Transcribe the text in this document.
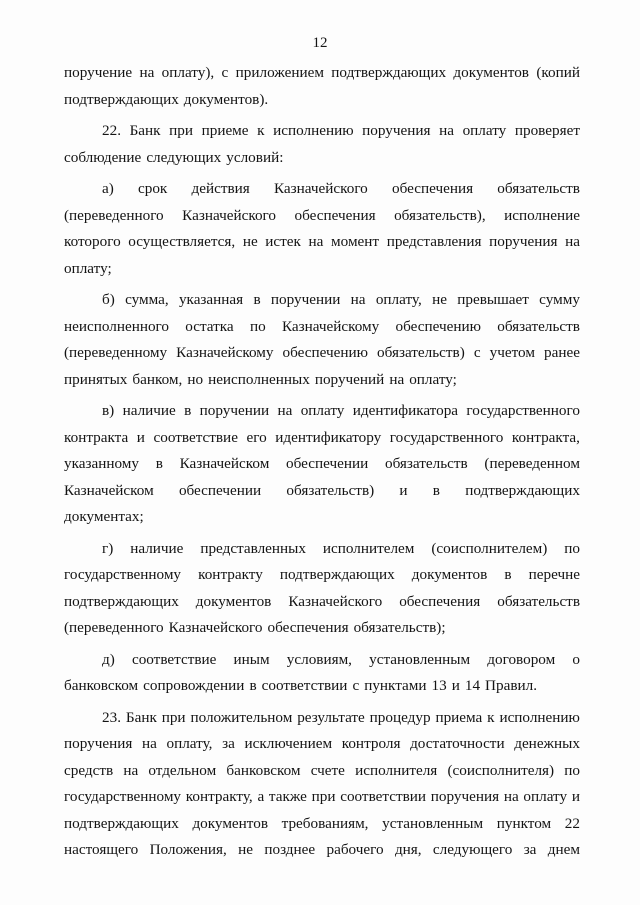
12
поручение на оплату), с приложением подтверждающих документов (копий
подтверждающих документов).
22. Банк при приеме к исполнению поручения на оплату проверяет
соблюдение следующих условий:
а) срок действия Казначейского обеспечения обязательств
(переведенного Казначейского обеспечения обязательств), исполнение
которого осуществляется, не истек на момент представления поручения на
оплату;
б) сумма, указанная в поручении на оплату, не превышает сумму
неисполненного остатка по Казначейскому обеспечению обязательств
(переведенному Казначейскому обеспечению обязательств) с учетом ранее
принятых банком, но неисполненных поручений на оплату;
в) наличие в поручении на оплату идентификатора государственного
контракта и соответствие его идентификатору государственного контракта,
указанному в Казначейском обеспечении обязательств (переведенном
Казначейском обеспечении обязательств) и в подтверждающих
документах;
г) наличие представленных исполнителем (соисполнителем) по
государственному контракту подтверждающих документов в перечне
подтверждающих документов Казначейского обеспечения обязательств
(переведенного Казначейского обеспечения обязательств);
д) соответствие иным условиям, установленным договором о
банковском сопровождении в соответствии с пунктами 13 и 14 Правил.
23. Банк при положительном результате процедур приема к исполнению
поручения на оплату, за исключением контроля достаточности денежных
средств на отдельном банковском счете исполнителя (соисполнителя) по
государственному контракту, а также при соответствии поручения на оплату и
подтверждающих документов требованиям, установленным пунктом 22
настоящего Положения, не позднее рабочего дня, следующего за днем
